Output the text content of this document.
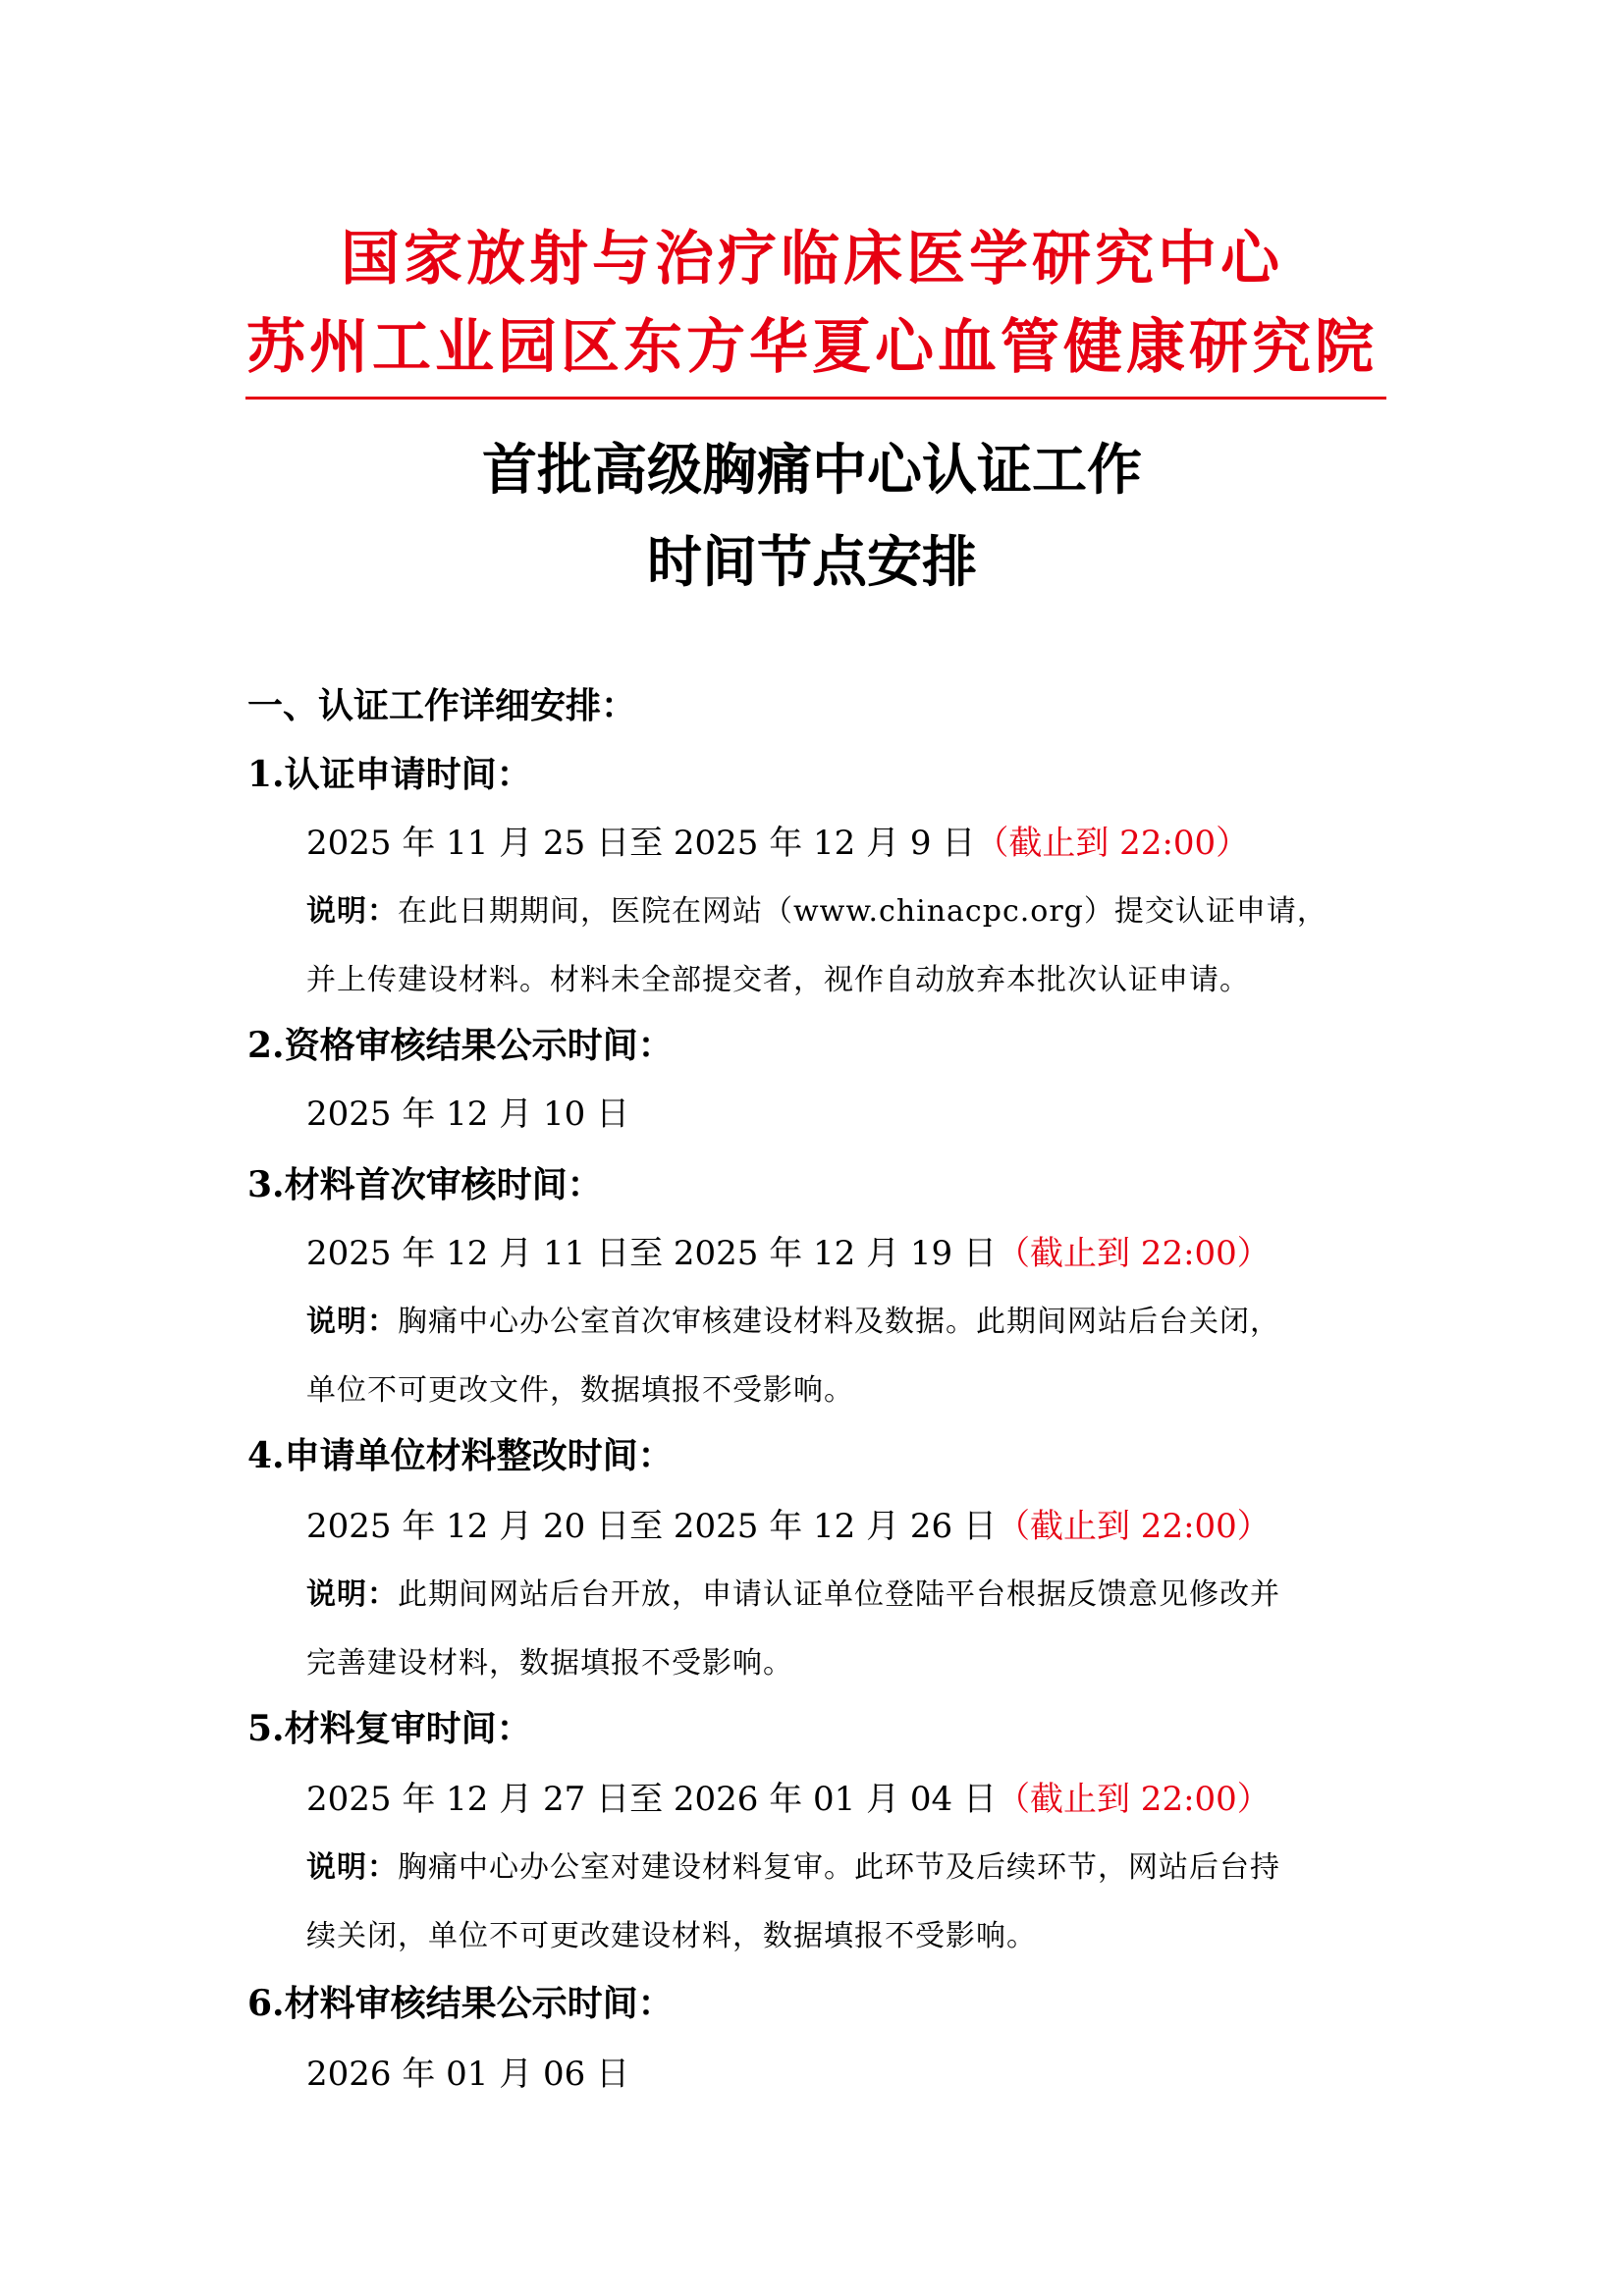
国家放射与治疗临床医学研究中心
苏州工业园区东方华夏心血管健康研究院
首批高级胸痛中心认证工作
时间节点安排
一、认证工作详细安排：
1.认证申请时间：
2025 年 11 月 25 日至 2025 年 12 月 9 日（截止到 22:00）
说明：在此日期期间，医院在网站（www.chinacpc.org）提交认证申请，
并上传建设材料。材料未全部提交者，视作自动放弃本批次认证申请。
2.资格审核结果公示时间：
2025 年 12 月 10 日
3.材料首次审核时间：
2025 年 12 月 11 日至 2025 年 12 月 19 日（截止到 22:00）
说明：胸痛中心办公室首次审核建设材料及数据。此期间网站后台关闭，
单位不可更改文件，数据填报不受影响。
4.申请单位材料整改时间：
2025 年 12 月 20 日至 2025 年 12 月 26 日（截止到 22:00）
说明：此期间网站后台开放，申请认证单位登陆平台根据反馈意见修改并
完善建设材料，数据填报不受影响。
5.材料复审时间：
2025 年 12 月 27 日至 2026 年 01 月 04 日（截止到 22:00）
说明：胸痛中心办公室对建设材料复审。此环节及后续环节，网站后台持
续关闭，单位不可更改建设材料，数据填报不受影响。
6.材料审核结果公示时间：
2026 年 01 月 06 日
